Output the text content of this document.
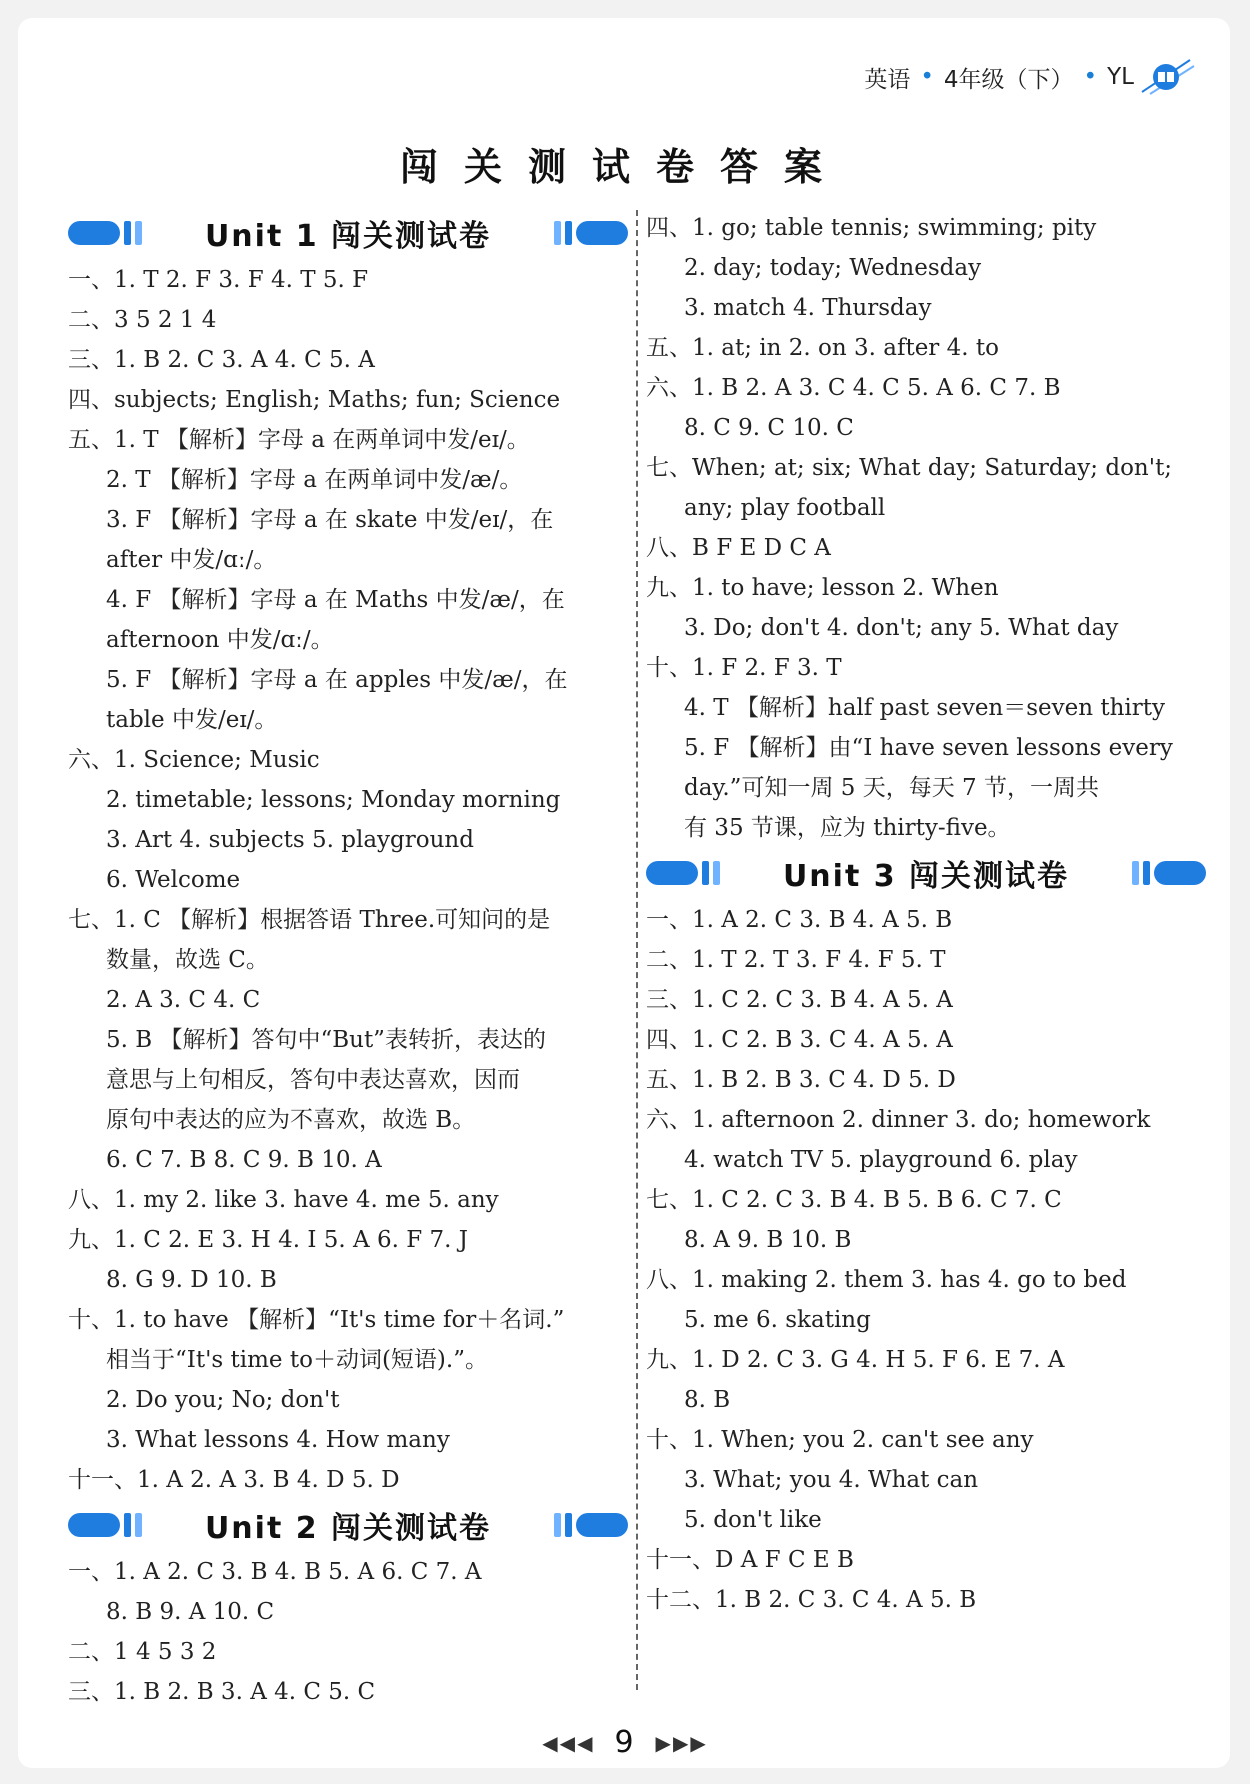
英语 • 4年级（下） • YL
闯关测试卷答案
Unit 1 闯关测试卷
一、1. T 2. F 3. F 4. T 5. F
二、3 5 2 1 4
三、1. B 2. C 3. A 4. C 5. A
四、subjects; English; Maths; fun; Science
五、1. T 【解析】字母 a 在两单词中发/eɪ/。
2. T 【解析】字母 a 在两单词中发/æ/。
3. F 【解析】字母 a 在 skate 中发/eɪ/，在
after 中发/ɑː/。
4. F 【解析】字母 a 在 Maths 中发/æ/，在
afternoon 中发/ɑː/。
5. F 【解析】字母 a 在 apples 中发/æ/，在
table 中发/eɪ/。
六、1. Science; Music
2. timetable; lessons; Monday morning
3. Art 4. subjects 5. playground
6. Welcome
七、1. C 【解析】根据答语 Three.可知问的是
数量，故选 C。
2. A 3. C 4. C
5. B 【解析】答句中“But”表转折，表达的
意思与上句相反，答句中表达喜欢，因而
原句中表达的应为不喜欢，故选 B。
6. C 7. B 8. C 9. B 10. A
八、1. my 2. like 3. have 4. me 5. any
九、1. C 2. E 3. H 4. I 5. A 6. F 7. J
8. G 9. D 10. B
十、1. to have 【解析】“It's time for＋名词.”
相当于“It's time to＋动词(短语).”。
2. Do you; No; don't
3. What lessons 4. How many
十一、1. A 2. A 3. B 4. D 5. D
Unit 2 闯关测试卷
一、1. A 2. C 3. B 4. B 5. A 6. C 7. A
8. B 9. A 10. C
二、1 4 5 3 2
三、1. B 2. B 3. A 4. C 5. C
四、1. go; table tennis; swimming; pity
2. day; today; Wednesday
3. match 4. Thursday
五、1. at; in 2. on 3. after 4. to
六、1. B 2. A 3. C 4. C 5. A 6. C 7. B
8. C 9. C 10. C
七、When; at; six; What day; Saturday; don't;
any; play football
八、B F E D C A
九、1. to have; lesson 2. When
3. Do; don't 4. don't; any 5. What day
十、1. F 2. F 3. T
4. T 【解析】half past seven＝seven thirty
5. F 【解析】由“I have seven lessons every
day.”可知一周 5 天，每天 7 节，一周共
有 35 节课，应为 thirty-five。
Unit 3 闯关测试卷
一、1. A 2. C 3. B 4. A 5. B
二、1. T 2. T 3. F 4. F 5. T
三、1. C 2. C 3. B 4. A 5. A
四、1. C 2. B 3. C 4. A 5. A
五、1. B 2. B 3. C 4. D 5. D
六、1. afternoon 2. dinner 3. do; homework
4. watch TV 5. playground 6. play
七、1. C 2. C 3. B 4. B 5. B 6. C 7. C
8. A 9. B 10. B
八、1. making 2. them 3. has 4. go to bed
5. me 6. skating
九、1. D 2. C 3. G 4. H 5. F 6. E 7. A
8. B
十、1. When; you 2. can't see any
3. What; you 4. What can
5. don't like
十一、D A F C E B
十二、1. B 2. C 3. C 4. A 5. B
◀ ◀ ◀ 9 ▶ ▶ ▶
